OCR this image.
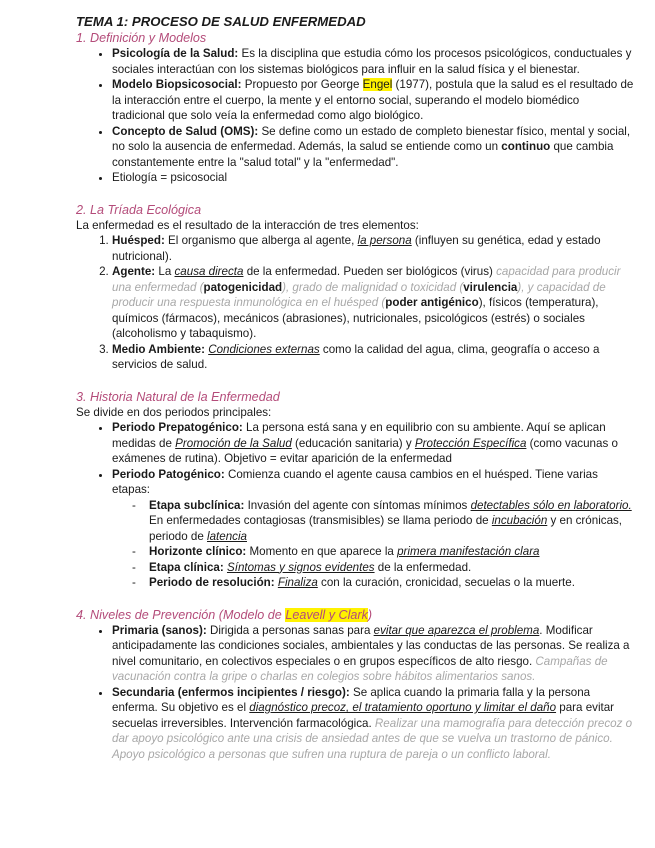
TEMA 1: PROCESO DE SALUD ENFERMEDAD

1. Definición y Modelos

• Psicología de la Salud: Es la disciplina que estudia cómo los procesos psicológicos, conductuales y sociales interactúan con los sistemas biológicos para influir en la salud física y el bienestar.
• Modelo Biopsicosocial: Propuesto por George Engel (1977), postula que la salud es el resultado de la interacción entre el cuerpo, la mente y el entorno social, superando el modelo biomédico tradicional que solo veía la enfermedad como algo biológico.
• Concepto de Salud (OMS): Se define como un estado de completo bienestar físico, mental y social, no solo la ausencia de enfermedad. Además, la salud se entiende como un continuo que cambia constantemente entre la "salud total" y la "enfermedad".
• Etiología = psicosocial

2. La Tríada Ecológica

La enfermedad es el resultado de la interacción de tres elementos:

1. Huésped: El organismo que alberga al agente, la persona (influyen su genética, edad y estado nutricional).
2. Agente: La causa directa de la enfermedad. Pueden ser biológicos (virus) capacidad para producir una enfermedad (patogenicidad), grado de malignidad o toxicidad (virulencia), y capacidad de producir una respuesta inmunológica en el huésped (poder antigénico), físicos (temperatura), químicos (fármacos), mecánicos (abrasiones), nutricionales, psicológicos (estrés) o sociales (alcoholismo y tabaquismo).
3. Medio Ambiente: Condiciones externas como la calidad del agua, clima, geografía o acceso a servicios de salud.

3. Historia Natural de la Enfermedad

Se divide en dos periodos principales:

• Periodo Prepatogénico: La persona está sana y en equilibrio con su ambiente. Aquí se aplican medidas de Promoción de la Salud (educación sanitaria) y Protección Específica (como vacunas o exámenes de rutina). Objetivo = evitar aparición de la enfermedad
• Periodo Patogénico: Comienza cuando el agente causa cambios en el huésped. Tiene varias etapas:
- Etapa subclínica: Invasión del agente con síntomas mínimos detectables sólo en laboratorio. En enfermedades contagiosas (transmisibles) se llama periodo de incubación y en crónicas, periodo de latencia
- Horizonte clínico: Momento en que aparece la primera manifestación clara
- Etapa clínica: Síntomas y signos evidentes de la enfermedad.
- Periodo de resolución: Finaliza con la curación, cronicidad, secuelas o la muerte.

4. Niveles de Prevención (Modelo de Leavell y Clark)

• Primaria (sanos): Dirigida a personas sanas para evitar que aparezca el problema. Modificar anticipadamente las condiciones sociales, ambientales y las conductas de las personas. Se realiza a nivel comunitario, en colectivos especiales o en grupos específicos de alto riesgo. Campañas de vacunación contra la gripe o charlas en colegios sobre hábitos alimentarios sanos.
• Secundaria (enfermos incipientes / riesgo): Se aplica cuando la primaria falla y la persona enferma. Su objetivo es el diagnóstico precoz, el tratamiento oportuno y limitar el daño para evitar secuelas irreversibles. Intervención farmacológica. Realizar una mamografía para detección precoz o dar apoyo psicológico ante una crisis de ansiedad antes de que se vuelva un trastorno de pánico. Apoyo psicológico a personas que sufren una ruptura de pareja o un conflicto laboral.
